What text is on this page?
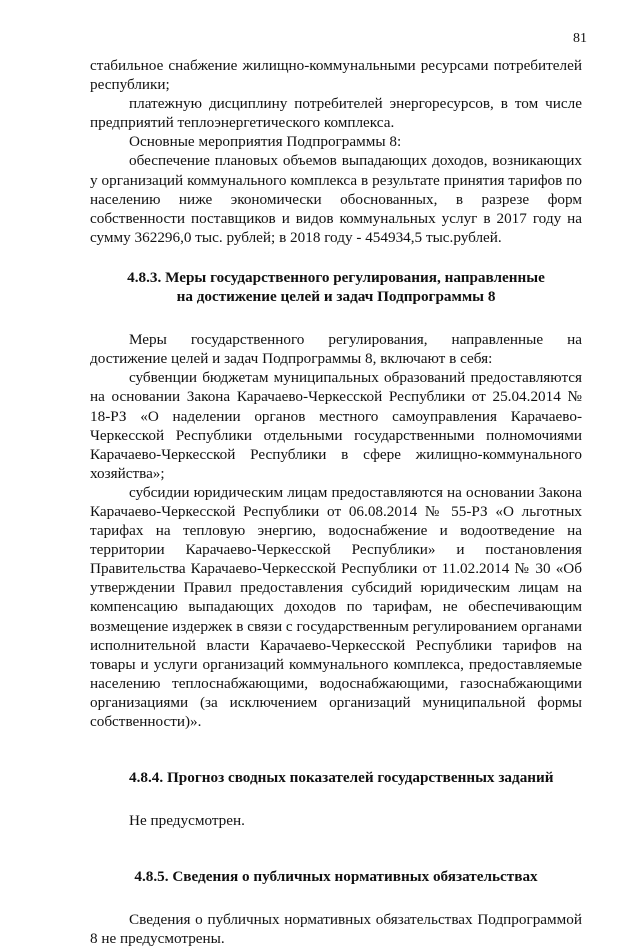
81

стабильное снабжение жилищно-коммунальными ресурсами потребителей республики;

платежную дисциплину потребителей энергоресурсов, в том числе предприятий теплоэнергетического комплекса.

Основные мероприятия Подпрограммы 8:

обеспечение плановых объемов выпадающих доходов, возникающих у организаций коммунального комплекса в результате принятия тарифов по населению ниже экономически обоснованных, в разрезе форм собственности поставщиков и видов коммунальных услуг в 2017 году на сумму 362296,0 тыс. рублей; в 2018 году - 454934,5 тыс.рублей.

4.8.3. Меры государственного регулирования, направленные
на достижение целей и задач Подпрограммы 8

Меры государственного регулирования, направленные на достижение целей и задач Подпрограммы 8, включают в себя:

субвенции бюджетам муниципальных образований предоставляются на основании Закона Карачаево-Черкесской Республики от 25.04.2014 № 18-РЗ «О наделении органов местного самоуправления Карачаево-Черкесской Республики отдельными государственными полномочиями Карачаево-Черкесской Республики в сфере жилищно-коммунального хозяйства»;

субсидии юридическим лицам предоставляются на основании Закона Карачаево-Черкесской Республики от 06.08.2014 № 55-РЗ «О льготных тарифах на тепловую энергию, водоснабжение и водоотведение на территории Карачаево-Черкесской Республики» и постановления Правительства Карачаево-Черкесской Республики от 11.02.2014 № 30 «Об утверждении Правил предоставления субсидий юридическим лицам на компенсацию выпадающих доходов по тарифам, не обеспечивающим возмещение издержек в связи с государственным регулированием органами исполнительной власти Карачаево-Черкесской Республики тарифов на товары и услуги организаций коммунального комплекса, предоставляемые населению теплоснабжающими, водоснабжающими, газоснабжающими организациями (за исключением организаций муниципальной формы собственности)».

4.8.4. Прогноз сводных показателей государственных заданий

Не предусмотрен.

4.8.5. Сведения о публичных нормативных обязательствах

Сведения о публичных нормативных обязательствах Подпрограммой 8 не предусмотрены.
